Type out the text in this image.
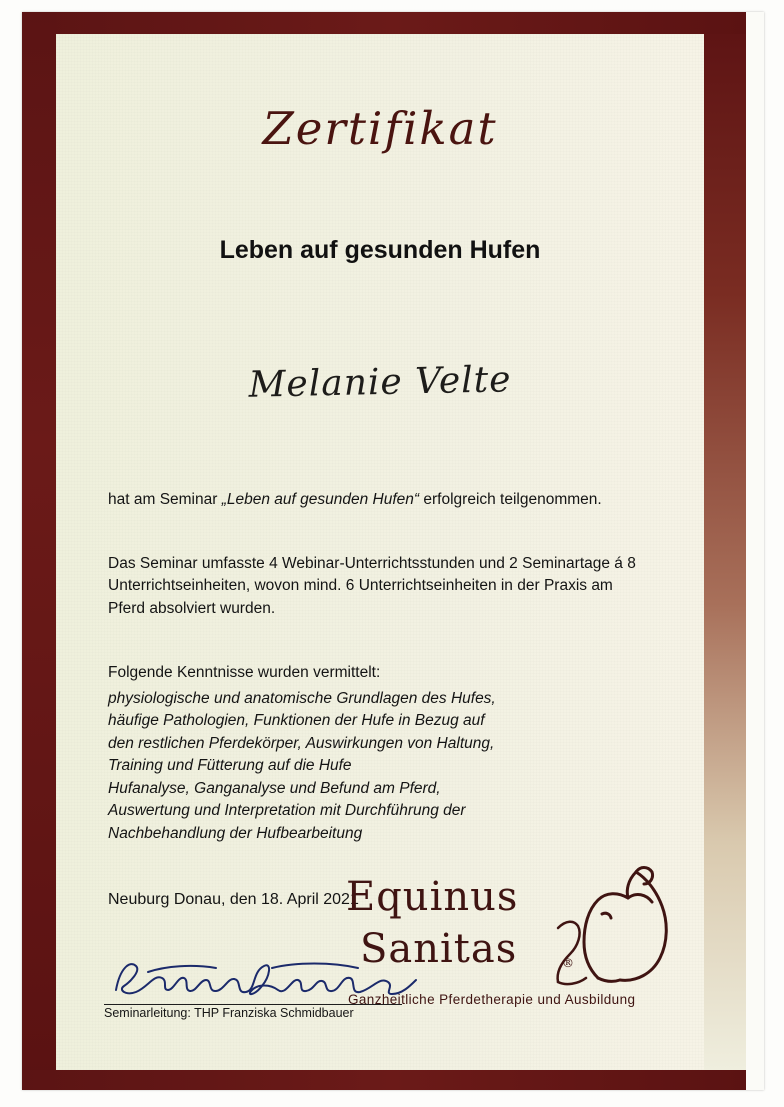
Zertifikat
Leben auf gesunden Hufen
Melanie Velte
hat am Seminar „Leben auf gesunden Hufen“ erfolgreich teilgenommen.
Das Seminar umfasste 4 Webinar-Unterrichtsstunden und 2 Seminartage á 8 Unterrichtseinheiten, wovon mind. 6 Unterrichtseinheiten in der Praxis am Pferd absolviert wurden.
Folgende Kenntnisse wurden vermittelt:
physiologische und anatomische Grundlagen des Hufes,
häufige Pathologien, Funktionen der Hufe in Bezug auf
den restlichen Pferdekörper, Auswirkungen von Haltung,
Training und Fütterung auf die Hufe
Hufanalyse, Ganganalyse und Befund am Pferd,
Auswertung und Interpretation mit Durchführung der
Nachbehandlung der Hufbearbeitung
Neuburg Donau, den 18. April 2021
Seminarleitung: THP Franziska Schmidbauer
Equinus
Sanitas	®
Ganzheitliche Pferdetherapie und Ausbildung
